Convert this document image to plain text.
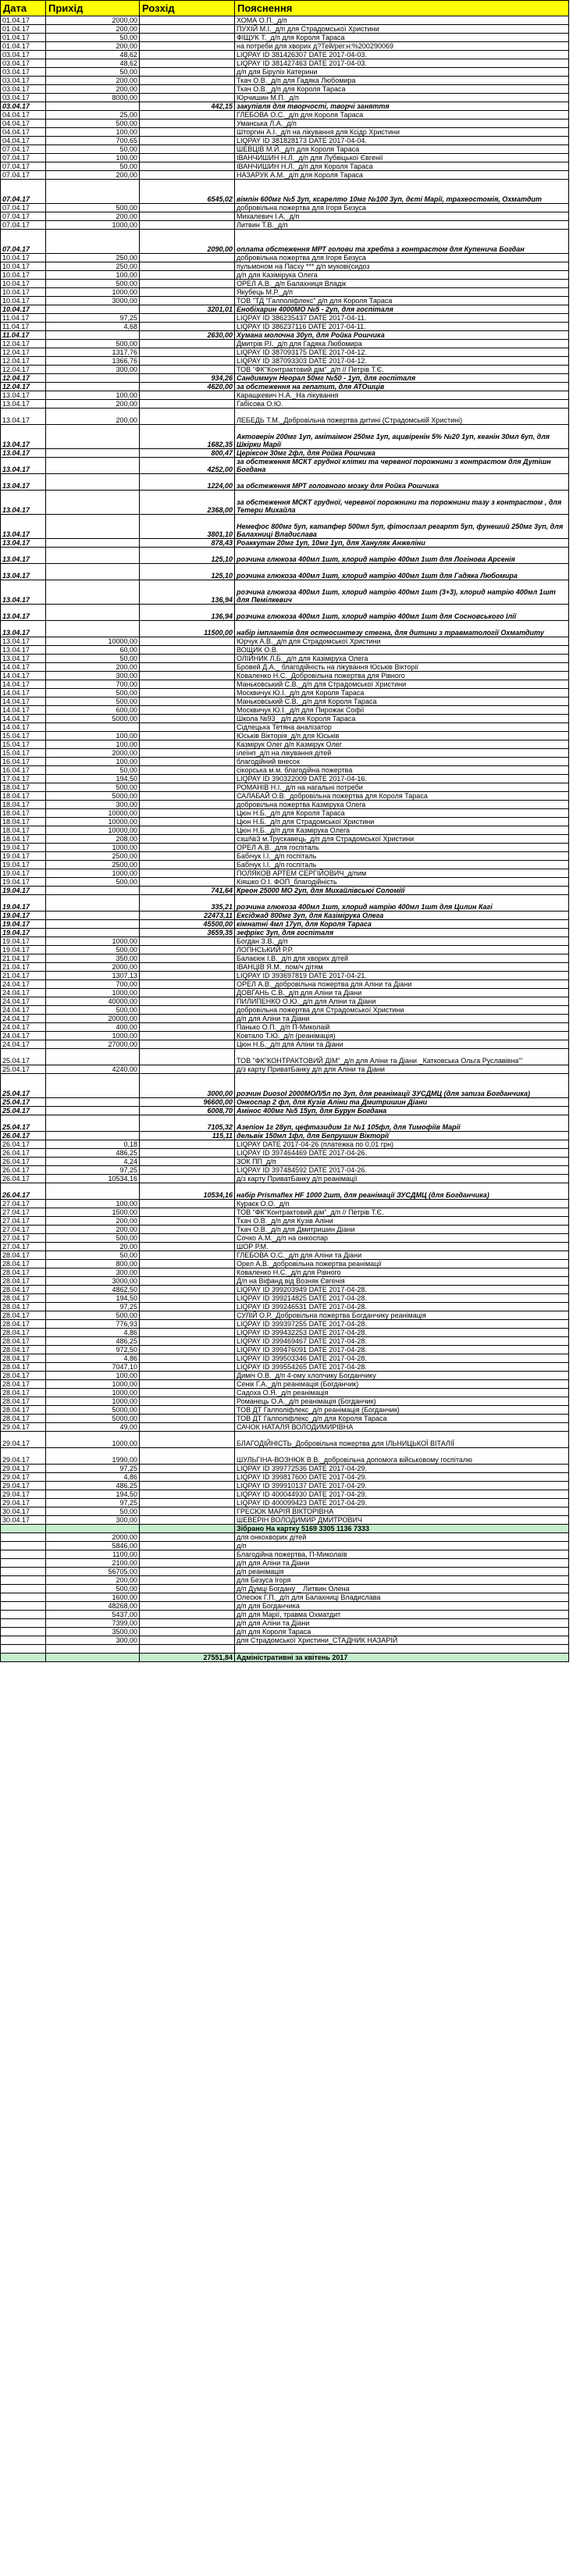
Дата	Прихід	Розхід	Пояснення
01.04.17	2000,00		ХОМА О.П._д/п
01.04.17	200,00		ПУХІЙ М.І._д/п для Страдомської Христини
01.04.17	50,00		ФІЩУК Т._д/п для Короля Тараса
01.04.17	200,00		на потреби для хворих д?Тей/рег.н:%200290069
03.04.17	48,62		LIQPAY ID 381426307 DATE 2017-04-03.
03.04.17	48,62		LIQPAY ID 381427463 DATE 2017-04-03.
03.04.17	50,00		д/п для Біруліх Катерини
03.04.17	200,00		Ткач О.В._д/п для Гадяка Любомира
03.04.17	200,00		Ткач О.В._д/п для Короля Тараса
03.04.17	8000,00		Юрчишин М.П._д/п
03.04.17		442,15	закупівля для творчості, творчі заняття
04.04.17	25,00		ГЛЕБОВА О.С._д/п для Короля Тараса
04.04.17	500,00		Уманська Л.А._д/п
04.04.17	100,00		Шторгин А.І._д/п на лікування для Ксідр Христини
04.04.17	700,65		LIQPAY ID 381828173 DATE 2017-04-04.
07.04.17	50,00		ШЕВЦІВ М.Й._д/п для Короля Тараса
07.04.17	100,00		ІВАНЧИШИН Н.Л._д/п для Лубвіцької Євгенії
07.04.17	50,00		ІВАНЧИШИН Н.Л._д/п для Короля Тараса
07.04.17	200,00		НАЗАРУК А.М._д/п для Короля Тараса
07.04.17		6545,02	вімпін 600мг №5 3уп, ксарелто 10мг №100 3уп, дєті Марії, трахеостомія, Охматдит
07.04.17	500,00		добровільна пожертва для Ігоря Безуса
07.04.17	200,00		Михалевич І.А._д/п
07.04.17	1000,00		Литвин Т.В._д/п
07.04.17		2090,00	оплата обстеження МРТ голови та хребта з контрастом для Купенича Богдан
10.04.17	250,00		добровільна пожертва для Ігоря Безуса
10.04.17	250,00		пульмоном на Пасху *** д/п мукові(сидоз
10.04.17	100,00		д/п для Казімірука Олега
10.04.17	500,00		ОРЕЛ А.В._д/п Балахниця Владік
10.04.17	1000,00		Якубець М.Р._д/п
10.04.17	3000,00		ТОВ "ТД "Галполіфлекс" д/п для Короля Тараса
10.04.17		3201,01	Енобіхарин 4000МО №5 - 2уп, для госпіталя
11.04.17	97,25		LIQPAY ID 386235437 DATE 2017-04-11.
11.04.17	4,68		LIQPAY ID 386237116 DATE 2017-04-11.
11.04.17		2630,00	Хумана молочна 30уп, для Ройка Рошчика
12.04.17	500,00		Дмитрів Р.І._д/п для Гадяка Любомира
12.04.17	1317,76		LIQPAY ID 387093175 DATE 2017-04-12.
12.04.17	1366,76		LIQPAY ID 387093303 DATE 2017-04-12.
12.04.17	300,00		ТОВ "ФК"Контрактовий дім"_д/п // Петрів Т.Є.
12.04.17		934,26	Сандиммун Неорал 50мг №50 - 1уп, для госпіталя
12.04.17		4620,00	за обстеження на гепатит, для АТОшців
13.04.17	100,00		Каращкевич Н.А._На лікування
13.04.17	200,00		Габісова О.Ю.
13.04.17	200,00		ЛЕБЕДЬ Т.М._Добровільна пожертва дитині (Страдомській Христині)
13.04.17		1682,35	Актоверін 200мг 1уп, амітаімон 250мг 1уп, ацивіренін 5% №20 1уп, кеанін 30мл 6уп, для Шкірки Марії
13.04.17		800,47	Церіксон 30мг 2фл, для Ройка Рошчика
13.04.17		4252,00	за обстеження МСКТ грудної клітки та черевної порожнини з контрастом для Дутішн Богдана
13.04.17		1224,00	за обстеження МРТ головного мозку для Ройка Рошчика
13.04.17		2368,00	за обстеження МСКТ грудної, черевної порожнини та порожнини тазу з контрастом , для Тетери Михайла
13.04.17		3801,10	Немефос 800мг 5уп, катапфер 500мл 5уп, фітоспзал регарпт 5уп, фунеший 250мг 3уп, для Балахниці Владислава
13.04.17		878,43	Роаккутан 20мг 1уп, 10мг 1уп, для Хануляк Анжеліни
13.04.17		125,10	розчина глюкоза 400мл 1шт, хлорид натрію 400мл 1шт для Логінова Арсенія
13.04.17		125,10	розчина глюкоза 400мл 1шт, хлорид натрію 400мл 1шт для Гадяка Любомира
13.04.17		136,94	розчина глюкоза 400мл 1шт, хлорид натрію 400мл 1шт (3+3), хлорид натрію 400мл 1шт для Пемілкевич
13.04.17		136,94	розчина глюкоза 400мл 1шт, хлорид натрію 400мл 1шт для Сосновського Ілії
13.04.17		11500,00	набір імплантів для остеосинтезу стегна, для дитини з травматології Охматдиту
13.04.17	10000,00		Юрчук А.В._д/п для Страдомської Христини
13.04.17	60,00		ВОЩИК О.В.
13.04.17	50,00		ОЛІЙНИК Л.Б._д/п для Казіміруха Олега
14.04.17	200,00		Бровей Д.А._ благодійність на лікування Юськів Вікторії
14.04.17	300,00		Коваленко Н.С._Добровільна пожертва для Рівного
14.04.17	700,00		Маньковський С.В._д/п для Страдомської Христини
14.04.17	500,00		Москвичук Ю.І._д/п для Короля Тараса
14.04.17	500,00		Маньковський С.В._д/п для Короля Тараса
14.04.17	600,00		Москвичук Ю.І._д/п для Пирожак Софії
14.04.17	5000,00		Школа №93_ д/п для Короля Тараса
14.04.17			Сідлецька Тетяна аналізатор
15.04.17	100,00		Юськів Вікторія_д/п для Юськів
15.04.17	100,00		Казмірук Олег д/п Казмірук Олег
15.04.17	2000,00		ілеїнп_д/п на лікування дітей
16.04.17	100,00		благодійний внесок
16.04.17	50,00		сікорська м.м. благодійна пожертва
17.04.17	194,50		LIQPAY ID 390322009 DATE 2017-04-16.
18.04.17	500,00		РОМАНІВ Н.І._д/п на нагальні потреби
18.04.17	5000,00		САЛАБАЙ О.В._добровільна пожертва для Короля Тараса
18.04.17	300,00		добровільна пожертва Казмірука Олега
18.04.17	10000,00		Цюн Н.Б._д/п для Короля Тараса
18.04.17	10000,00		Цюн Н.Б._д/п для Страдомської Христини
18.04.17	10000,00		Цюн Н.Б._д/п для Казмірука Олега
18.04.17	208,00		сзш№3 м.Трускавець_д/п для Страдомської Христини
19.04.17	1000,00		ОРЕЛ А.В._для госпіталь
19.04.17	2500,00		Бабічук І.І._д/п госпіталь
19.04.17	2500,00		Бабічук І.І._д/п госпіталь
19.04.17	1000,00		ПОЛЯКОВ АРТЕМ СЕРГІЙОВИЧ_д/пим
19.04.17	500,00		Кіяшко О.І. ФОП_благодійність
19.04.17		741,64	Креон 25000 МО 2уп, для Михайлівсьюі Соломіїі
19.04.17		335,21	розчина глюкоза 400мл 1шт, хлорид натрію 400мл 1шт для Цилин Кагі
19.04.17		22473,11	Ексіджад 800мг 3уп, для Казімірука Олега
19.04.17		45500,00	кімнатні 4мл 17уп, для Короля Тараса
19.04.17		3659,35	зефрікс 3уп, для госпіталя
19.04.17	1000,00		Богдан З.В._д/п
19.04.17	500,00		ЛОПНСЬКИЙ Р.Р.
21.04.17	350,00		Балаєюк І.В._д/п для хворих дітей
21.04.17	2000,00		ІВАНЦІВ Я.М._пом/ч дітям
21.04.17	1307,13		LIQPAY ID 393697819 DATE 2017-04-21.
24.04.17	700,00		ОРЕЛ А.В._добровільна пожертва для Аліни та Діани
24.04.17	1000,00		ДОВГАНЬ С.В._д/п для Аліни та Діани
24.04.17	40000,00		ПИЛИПЕНКО О.Ю._д/п для Аліни та Діани
24.04.17	500,00		добровільна пожертва для Страдомської Христини
24.04.17	20000,00		д/п для Аліни та Діани
24.04.17	400,00		Панько О.П._д/п П-Миколаій
24.04.17	1000,00		Ковтало Т.Ю._д/п (реанімація)
24.04.17	27000,00		Цюн Н.Б._д/п для Аліни та Діани
25.04.17			ТОВ "ФК"КОНТРАКТОВИЙ ДІМ"_д/п для Аліни та Діани _Катковська Ольга Руславівна'"
25.04.17	4240,00		д/з карту ПриватБанку д/п для Аліни та Діани
25.04.17		3000,00	розчин Duosol 2000МОЛ/5л по 3уп, для реанімації ЗУСДМЦ (для запиза Богданчика)
25.04.17		96600,00	Онкоспар 2 фл, для Кузів Аліни та Дмитришин Діани
25.04.17		6008,70	Амінос 400мг №5 15уп, для Бурун Богдана
25.04.17		7105,32	Азепіон 1г 28уп, цефтазидим 1г №1 105фл, для Тимофіїв Марії
26.04.17		115,11	дельвік 150мл 1фл, для Бепрушин Вікторії
26.04.17	0,18		LIQPAY DATE 2017-04-26 (платежка по 0,01 грн)
26.04.17	486,25		LIQPAY ID 397464469 DATE 2017-04-26.
26.04.17	4,24		ЗОК ПП_д/п
26.04.17	97,25		LIQPAY ID 397484592 DATE 2017-04-26.
26.04.17	10534,16		д/з карту ПриватБанку д/п реанімації
26.04.17		10534,16	набір Prismaflex HF 1000 2шт, для реанімації ЗУСДМЦ (для Богданчика)
27.04.17	100,00		Кураєк О.О._д/п
27.04.17	1500,00		ТОВ "ФК"Контрактовий дім"_д/п // Петрів Т.Є.
27.04.17	200,00		Ткач О.В._д/п для Кузів Аліни
27.04.17	200,00		Ткач О.В._д/п для Дмитришин Діани
27.04.17	500,00		Сочко А.М._д/п на онкоспар
27.04.17	20,00		ШОР Р.М.
28.04.17	50,00		ГЛЕБОВА О.С._д/п для Аліни та Діани
28.04.17	800,00		Орел А.В._добровільна пожертва реанімації
28.04.17	300,00		Коваленко Н.С._д/п для Рівного
28.04.17	3000,00		Д/п на Віфанд від Возняк Євгенія
28.04.17	4862,50		LIQPAY ID 399203949 DATE 2017-04-28.
28.04.17	194,50		LIQPAY ID 399214825 DATE 2017-04-28.
28.04.17	97,25		LIQPAY ID 399246531 DATE 2017-04-28.
28.04.17	500,00		СУЛІЙ О.Р._Добровільна пожертва Богданчику реанімація
28.04.17	776,93		LIQPAY ID 399397255 DATE 2017-04-28.
28.04.17	4,86		LIQPAY ID 399432253 DATE 2017-04-28.
28.04.17	486,25		LIQPAY ID 399469467 DATE 2017-04-28.
28.04.17	972,50		LIQPAY ID 399476091 DATE 2017-04-28.
28.04.17	4,86		LIQPAY ID 399503346 DATE 2017-04-28.
28.04.17	7047,10		LIQPAY ID 399554265 DATE 2017-04-28.
28.04.17	100,00		Диміч О.В._д/п 4-ому хлопчику Богданчику
28.04.17	1000,00		Сенік Г.А._д/п реанімація (Богданчик)
28.04.17	1000,00		Садоха О.Я._д/п реанімація
28.04.17	1000,00		Романець О.А._д/п реанімація (Богданчик)
28.04.17	5000,00		ТОВ ДТ Галполіфлекс_д/п реанімація (Богданчик)
28.04.17	5000,00		ТОВ ДТ Галполіфлекс_д/п для Короля Тараса
29.04.17	49,00		САЧОК НАТАЛЯ ВОЛОДИМИРІВНА
29.04.17	1000,00		БЛАГОДІЙНІСТЬ_Добровільна пожертва для ІЛЬНИЦЬКОЇ ВІТАЛІЇ
29.04.17	1990,00		ШУЛЬГІНА-ВОЗНЮК В.В._добровільна допомога військовому госпіталю
29.04.17	97,25		LIQPAY ID 399772536 DATE 2017-04-29.
29.04.17	4,86		LIQPAY ID 399817600 DATE 2017-04-29.
29.04.17	486,25		LIQPAY ID 399910137 DATE 2017-04-29.
29.04.17	194,50		LIQPAY ID 400044930 DATE 2017-04-29.
29.04.17	97,25		LIQPAY ID 400099423 DATE 2017-04-29.
30.04.17	50,00		ГРЕСЮК МАРІЯ ВІКТОРІВНА
30.04.17	300,00		ШЕВЕРІН ВОЛОДИМИР ДМИТРОВИЧ
			Зібрано На картку 5169 3305 1136 7333
	2000,00		для онкохворих дітей
	5846,00		д/п
	1100,00		Благодійна пожертва, П-Миколаїв
	2100,00		д/п для Аліни та Діани
	56705,00		д/п реанімація
	200,00		для Безуса Ігоря
	500,00		д/п Думці Богдану _ Литвин Олена
	1600,00		Олесюк Г.П._д/п для Балахниці Владислава
	48268,00		д/п для Богданчика
	5437,00		д/п для Марії, травма Охматдит
	7399,00		д/п для Аліни та Діани
	3500,00		д/п для Короля Тараса
	300,00		для Страдомської Христини_СТАДНИК НАЗАРІЙ

		27551,84	Адміністративні за квітень 2017
